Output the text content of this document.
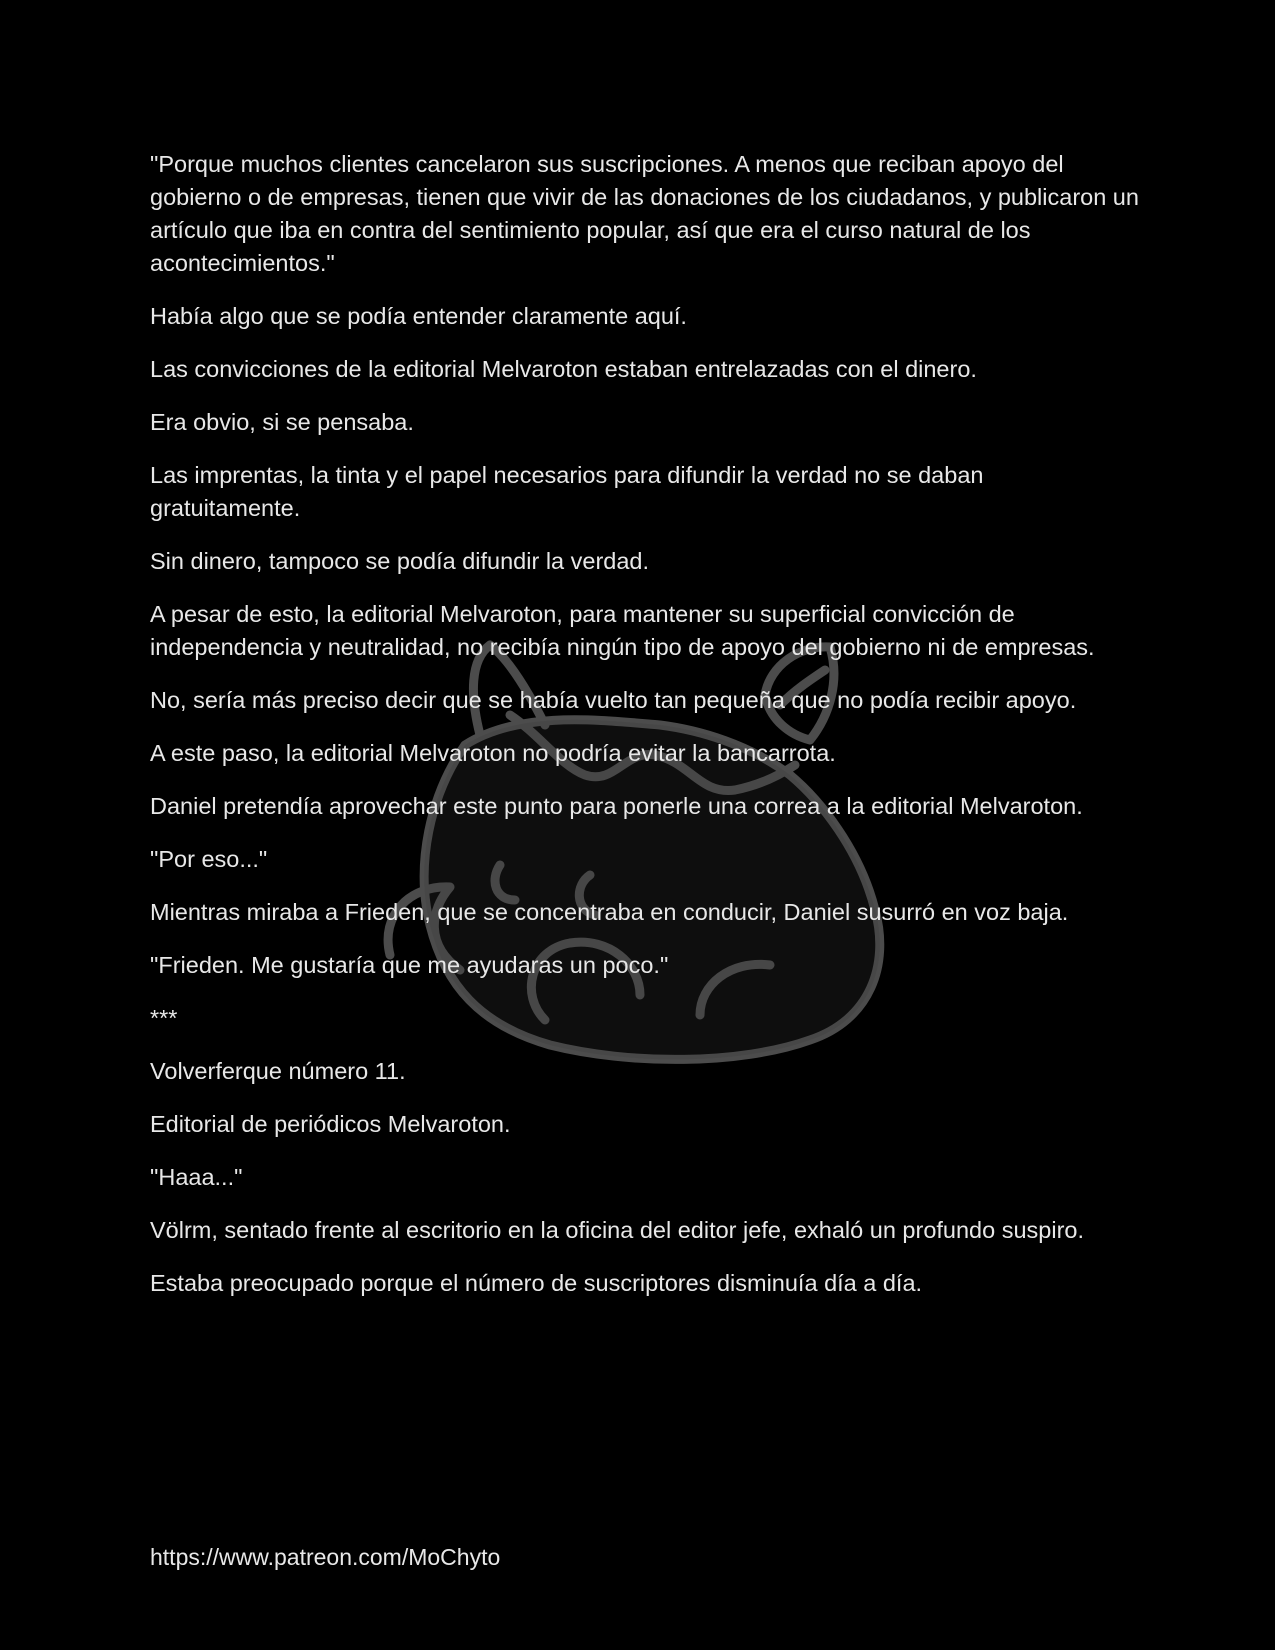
"Porque muchos clientes cancelaron sus suscripciones. A menos que reciban apoyo del gobierno o de empresas, tienen que vivir de las donaciones de los ciudadanos, y publicaron un artículo que iba en contra del sentimiento popular, así que era el curso natural de los acontecimientos."

Había algo que se podía entender claramente aquí.

Las convicciones de la editorial Melvaroton estaban entrelazadas con el dinero.

Era obvio, si se pensaba.

Las imprentas, la tinta y el papel necesarios para difundir la verdad no se daban gratuitamente.

Sin dinero, tampoco se podía difundir la verdad.

A pesar de esto, la editorial Melvaroton, para mantener su superficial convicción de independencia y neutralidad, no recibía ningún tipo de apoyo del gobierno ni de empresas.

No, sería más preciso decir que se había vuelto tan pequeña que no podía recibir apoyo.

A este paso, la editorial Melvaroton no podría evitar la bancarrota.

Daniel pretendía aprovechar este punto para ponerle una correa a la editorial Melvaroton.

"Por eso..."

Mientras miraba a Frieden, que se concentraba en conducir, Daniel susurró en voz baja.

"Frieden. Me gustaría que me ayudaras un poco."

***

Volverferque número 11.

Editorial de periódicos Melvaroton.

"Haaa..."

Völrm, sentado frente al escritorio en la oficina del editor jefe, exhaló un profundo suspiro.

Estaba preocupado porque el número de suscriptores disminuía día a día.

https://www.patreon.com/MoChyto
